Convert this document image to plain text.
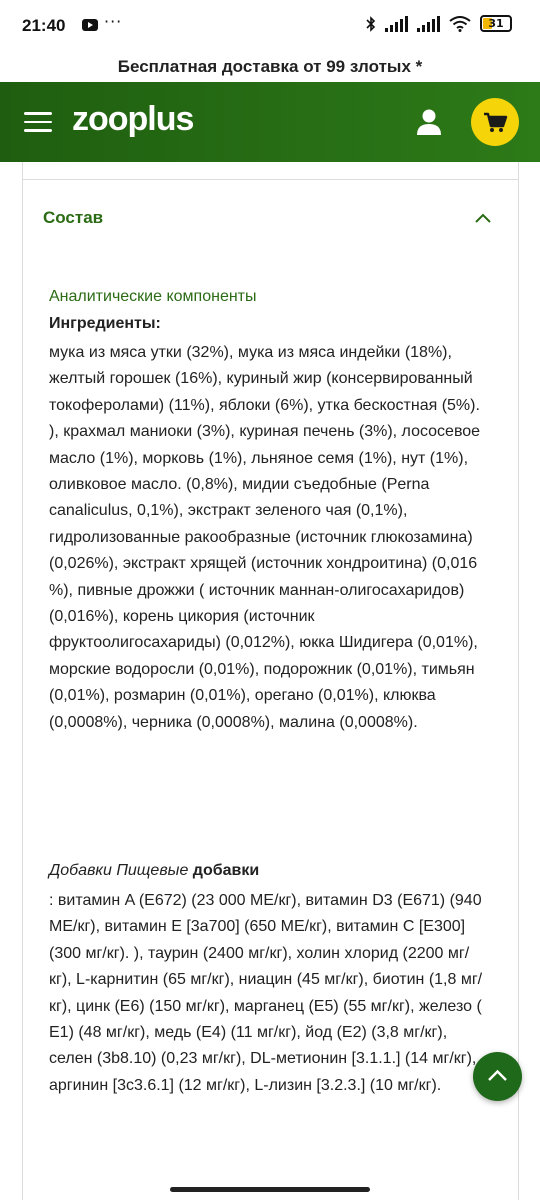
21:40 ···	31
Бесплатная доставка от 99 злотых *
zooplus
Состав
Аналитические компоненты
Ингредиенты:
мука из мяса утки (32%), мука из мяса индейки (18%), желтый горошек (16%), куриный жир (консервированный токоферолами) (11%), яблоки (6%), утка бескостная (5%). ), крахмал маниоки (3%), куриная печень (3%), лососевое масло (1%), морковь (1%), льняное семя (1%), нут (1%), оливковое масло. (0,8%), мидии съедобные (Perna canaliculus, 0,1%), экстракт зеленого чая (0,1%), гидролизованные ракообразные (источник глюкозамина) (0,026%), экстракт хрящей (источник хондроитина) (0,016 %), пивные дрожжи ( источник маннан-олигосахаридов) (0,016%), корень цикория (источник фруктоолигосахариды) (0,012%), юкка Шидигера (0,01%), морские водоросли (0,01%), подорожник (0,01%), тимьян (0,01%), розмарин (0,01%), орегано (0,01%), клюква (0,0008%), черника (0,0008%), малина (0,0008%).
Добавки Пищевые добавки
: витамин A (E672) (23 000 МЕ/кг), витамин D3 (E671) (940 МЕ/кг), витамин E [3a700] (650 МЕ/кг), витамин C [E300] (300 мг/кг). ), таурин (2400 мг/кг), холин хлорид (2200 мг/кг), L-карнитин (65 мг/кг), ниацин (45 мг/кг), биотин (1,8 мг/кг), цинк (E6) (150 мг/кг), марганец (E5) (55 мг/кг), железо ( E1) (48 мг/кг), медь (E4) (11 мг/кг), йод (E2) (3,8 мг/кг), селен (3b8.10) (0,23 мг/кг), DL-метионин [3.1.1.] (14 мг/кг), аргинин [3c3.6.1] (12 мг/кг), L-лизин [3.2.3.] (10 мг/кг).
